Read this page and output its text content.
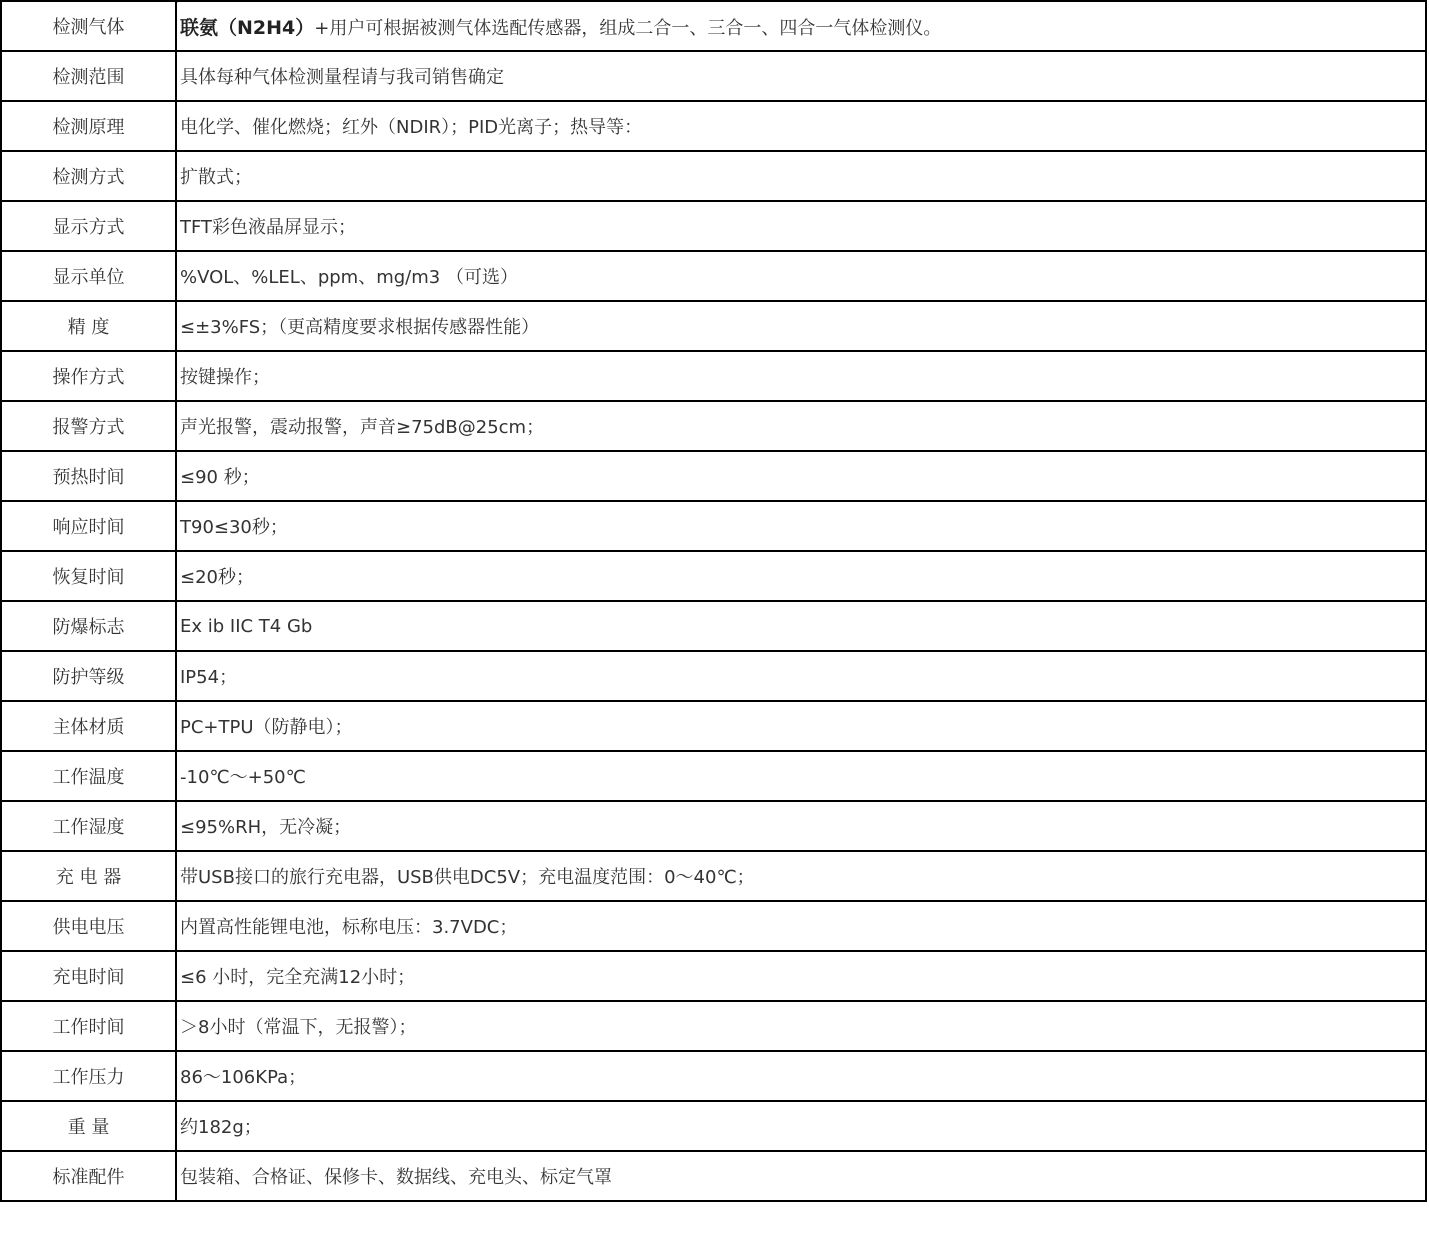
检测气体	联氨（N2H4）+用户可根据被测气体选配传感器，组成二合一、三合一、四合一气体检测仪。
检测范围	具体每种气体检测量程请与我司销售确定
检测原理	电化学、催化燃烧；红外（NDIR）；PID光离子；热导等：
检测方式	扩散式；
显示方式	TFT彩色液晶屏显示；
显示单位	%VOL、%LEL、ppm、mg/m3 （可选）
精 度	≤±3%FS；（更高精度要求根据传感器性能）
操作方式	按键操作；
报警方式	声光报警，震动报警，声音≥75dB@25cm；
预热时间	≤90 秒；
响应时间	T90≤30秒；
恢复时间	≤20秒；
防爆标志	Ex ib IIC T4 Gb
防护等级	IP54；
主体材质	PC+TPU（防静电）；
工作温度	-10℃～+50℃
工作湿度	≤95%RH，无冷凝；
充 电 器	带USB接口的旅行充电器，USB供电DC5V；充电温度范围：0～40℃；
供电电压	内置高性能锂电池，标称电压：3.7VDC；
充电时间	≤6 小时，完全充满12小时；
工作时间	＞8小时（常温下，无报警）；
工作压力	86～106KPa；
重 量	约182g；
标准配件	包装箱、合格证、保修卡、数据线、充电头、标定气罩
